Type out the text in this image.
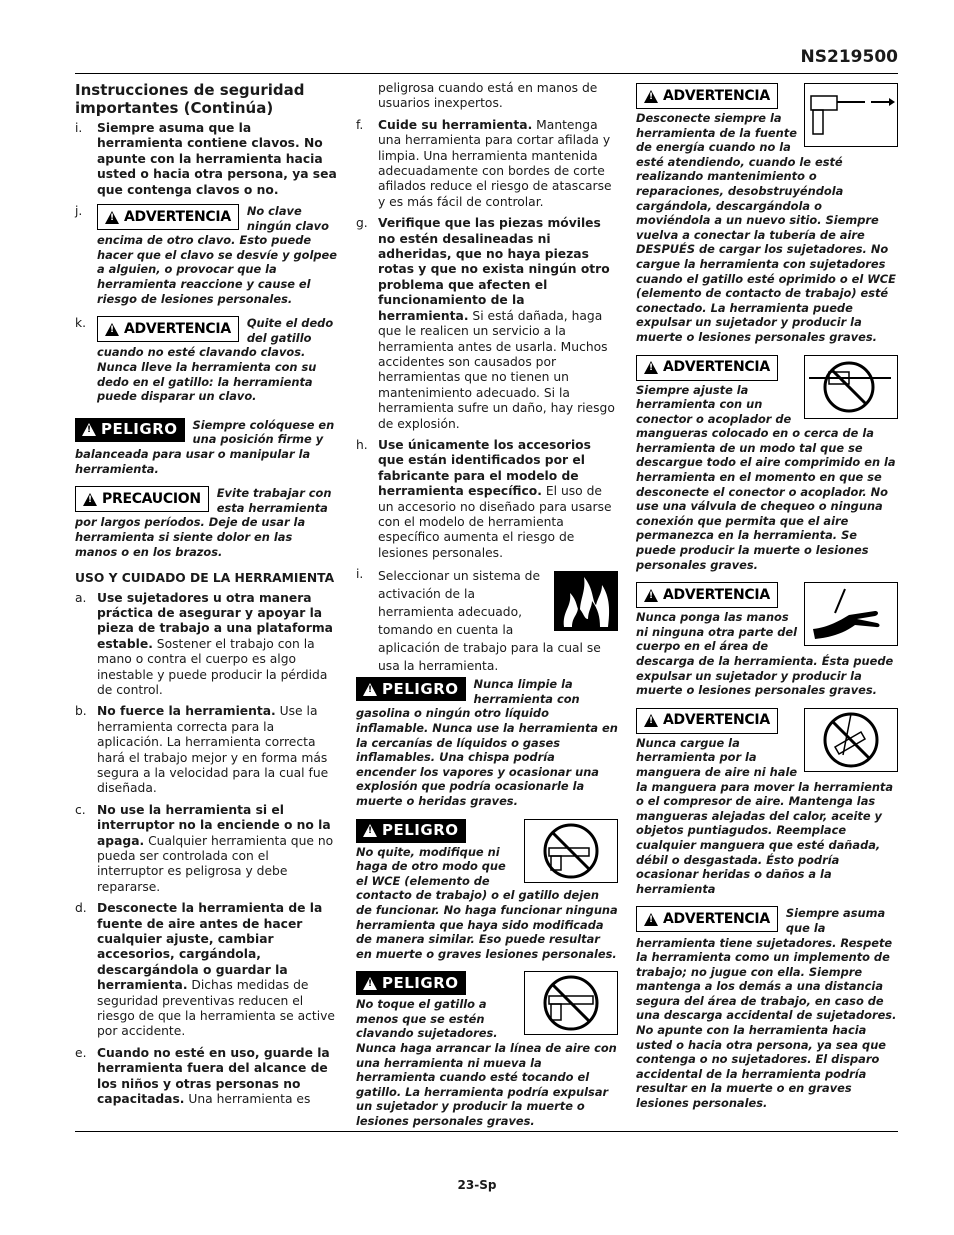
NS219500
Instrucciones de seguridad importantes (Continúa)
i.	Siempre asuma que la herramienta contiene clavos. No apunte con la herramienta hacia usted o hacia otra persona, ya sea que contenga clavos o no.
j. !	ADVERTENCIA No clave ningún clavo encima de otro clavo. Esto puede hacer que el clavo se desvíe y golpee a alguien, o provocar que la herramienta reaccione y cause el riesgo de lesiones personales.
k. !	ADVERTENCIA Quite el dedo del gatillo cuando no esté clavando clavos. Nunca lleve la herramienta con su dedo en el gatillo: la herramienta puede disparar un clavo.
!
PELIGRO Siempre colóquese en una posición firme y balanceada para usar o manipular la herramienta.
!
PRECAUCION Evite trabajar con esta herramienta por largos períodos. Deje de usar la herramienta si siente dolor en las manos o en los brazos.
USO Y CUIDADO DE LA HERRAMIENTA
a. Use sujetadores u otra manera práctica de asegurar y apoyar la pieza de trabajo a una plataforma estable. Sostener el trabajo con la mano o contra el cuerpo es algo inestable y puede producir la pérdida de control.
b. No fuerce la herramienta. Use la herramienta correcta para la aplicación. La herramienta correcta hará el trabajo mejor y en forma más segura a la velocidad para la cual fue diseñada.
c. No use la herramienta si el interruptor no la enciende o no la apaga. Cualquier herramienta que no pueda ser controlada con el interruptor es peligrosa y debe repararse.
d. Desconecte la herramienta de la fuente de aire antes de hacer cualquier ajuste, cambiar accesorios, cargándola, descargándola o guardar la herramienta. Dichas medidas de seguridad preventivas reducen el riesgo de que la herramienta se active por accidente.
e. Cuando no esté en uso, guarde la herramienta fuera del alcance de los niños y otras personas no capacitadas. Una herramienta es
peligrosa cuando está en manos de usuarios inexpertos.
f.	Cuide su herramienta. Mantenga una herramienta para cortar afilada y limpia. Una herramienta mantenida adecuadamente con bordes de corte afilados reduce el riesgo de atascarse y es más fácil de controlar.
g. Verifique que las piezas móviles no estén desalineadas ni adheridas, que no haya piezas rotas y que no exista ningún otro problema que afecten el funcionamiento de la herramienta. Si está dañada, haga que le realicen un servicio a la herramienta antes de usarla. Muchos accidentes son causados por herramientas que no tienen un mantenimiento adecuado. Si la herramienta sufre un daño, hay riesgo de explosión.
h. Use únicamente los accesorios que están identificados por el fabricante para el modelo de herramienta específico. El uso de un accesorio no diseñado para usarse con el modelo de herramienta específico aumenta el riesgo de lesiones personales.
i.	Seleccionar un sistema de activación de la herramienta adecuado, tomando en cuenta la aplicación de trabajo para la cual se usa la herramienta.
!
PELIGRO Nunca limpie la herramienta con gasolina o ningún otro líquido inflamable. Nunca use la herramienta en la cercanías de líquidos o gases inflamables. Una chispa podría encender los vapores y ocasionar una explosión que podría ocasionarle la muerte o heridas graves.
!
PELIGRO
No quite, modifique ni haga de otro modo que el WCE (elemento de contacto de trabajo) o el gatillo dejen de funcionar. No haga funcionar ninguna herramienta que haya sido modificada de manera similar. Eso puede resultar en muerte o graves lesiones personales.
!
PELIGRO
No toque el gatillo a menos que se estén clavando sujetadores. Nunca haga arrancar la línea de aire con una herramienta ni mueva la herramienta cuando esté tocando el gatillo. La herramienta podría expulsar un sujetador y producir la muerte o lesiones personales graves.
!
ADVERTENCIA
Desconecte siempre la herramienta de la fuente de energía cuando no la esté atendiendo, cuando le esté realizando mantenimiento o reparaciones, desobstruyéndola cargándola, descargándola o moviéndola a un nuevo sitio. Siempre vuelva a conectar la tubería de aire DESPUÉS de cargar los sujetadores. No cargue la herramienta con sujetadores cuando el gatillo esté oprimido o el WCE (elemento de contacto de trabajo) esté conectado. La herramienta puede expulsar un sujetador y producir la muerte o lesiones personales graves.
!
ADVERTENCIA
Siempre ajuste la herramienta con un conector o acoplador de mangueras colocado en o cerca de la herramienta de un modo tal que se descargue todo el aire comprimido en la herramienta en el momento en que se desconecte el conector o acoplador. No use una válvula de chequeo o ninguna conexión que permita que el aire permanezca en la herramienta. Se puede producir la muerte o lesiones personales graves.
!
ADVERTENCIA
Nunca ponga las manos ni ninguna otra parte del cuerpo en el área de descarga de la herramienta. Ésta puede expulsar un sujetador y producir la muerte o lesiones personales graves.
!
ADVERTENCIA
Nunca cargue la herramienta por la manguera de aire ni hale la manguera para mover la herramienta o el compresor de aire. Mantenga las mangueras alejadas del calor, aceite y objetos puntiagudos. Reemplace cualquier manguera que esté dañada, débil o desgastada. Ésto podría ocasionar heridas o daños a la herramienta
!
ADVERTENCIA Siempre asuma que la herramienta tiene sujetadores. Respete la herramienta como un implemento de trabajo; no jugue con ella. Siempre mantenga a los demás a una distancia segura del área de trabajo, en caso de una descarga accidental de sujetadores. No apunte con la herramienta hacia usted o hacia otra persona, ya sea que contenga o no sujetadores. El disparo accidental de la herramienta podría resultar en la muerte o en graves lesiones personales.
23-Sp
